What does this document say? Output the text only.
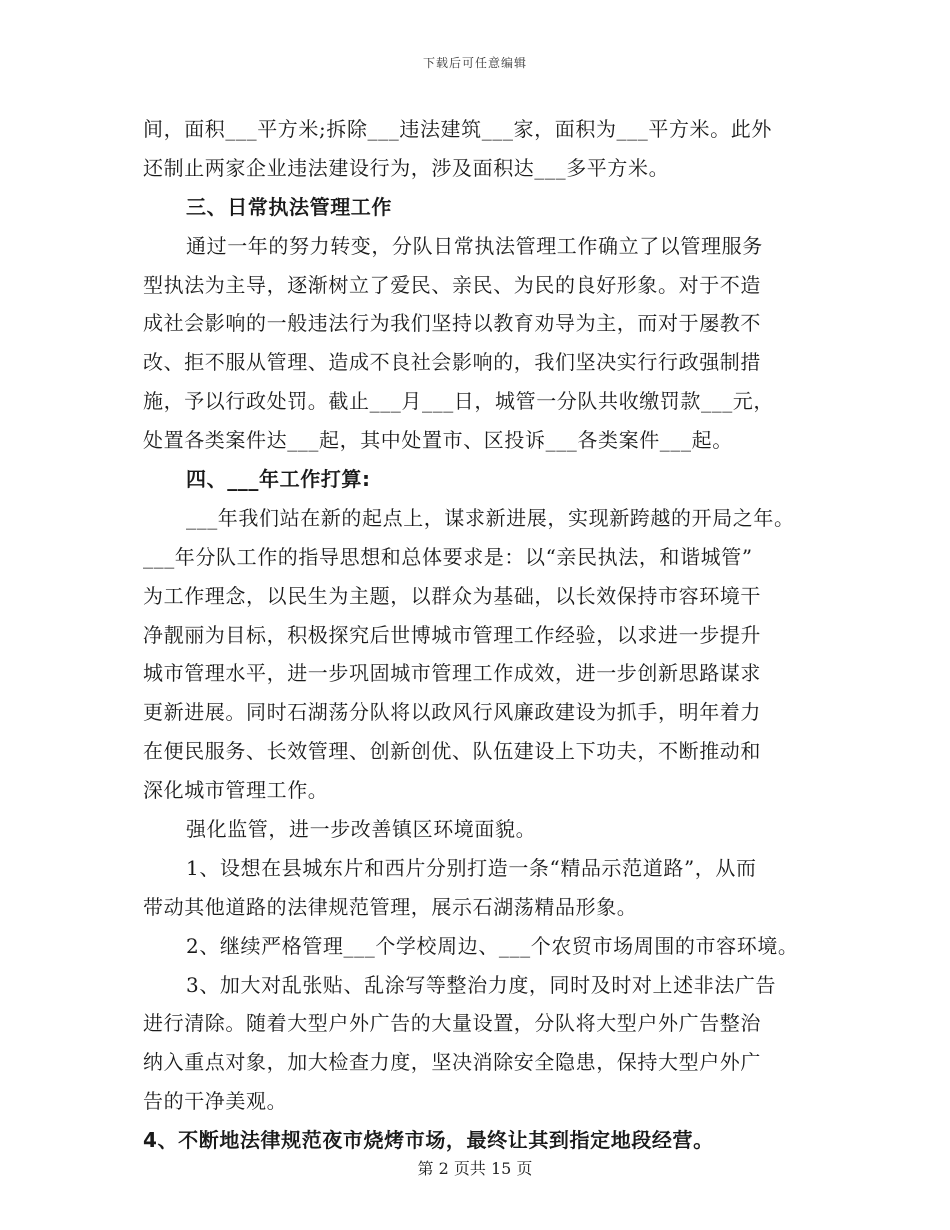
下载后可任意编辑
间，面积___平方米;拆除___违法建筑___家，面积为___平方米。此外
还制止两家企业违法建设行为，涉及面积达___多平方米。
三、日常执法管理工作
通过一年的努力转变，分队日常执法管理工作确立了以管理服务
型执法为主导，逐渐树立了爱民、亲民、为民的良好形象。对于不造
成社会影响的一般违法行为我们坚持以教育劝导为主，而对于屡教不
改、拒不服从管理、造成不良社会影响的，我们坚决实行行政强制措
施，予以行政处罚。截止___月___日，城管一分队共收缴罚款___元，
处置各类案件达___起，其中处置市、区投诉___各类案件___起。
四、___年工作打算:
___年我们站在新的起点上，谋求新进展，实现新跨越的开局之年。
___年分队工作的指导思想和总体要求是：以“亲民执法，和谐城管”
为工作理念，以民生为主题，以群众为基础，以长效保持市容环境干
净靓丽为目标，积极探究后世博城市管理工作经验，以求进一步提升
城市管理水平，进一步巩固城市管理工作成效，进一步创新思路谋求
更新进展。同时石湖荡分队将以政风行风廉政建设为抓手，明年着力
在便民服务、长效管理、创新创优、队伍建设上下功夫，不断推动和
深化城市管理工作。
强化监管，进一步改善镇区环境面貌。
1、设想在县城东片和西片分别打造一条“精品示范道路”，从而
带动其他道路的法律规范管理，展示石湖荡精品形象。
2、继续严格管理___个学校周边、___个农贸市场周围的市容环境。
3、加大对乱张贴、乱涂写等整治力度，同时及时对上述非法广告
进行清除。随着大型户外广告的大量设置，分队将大型户外广告整治
纳入重点对象，加大检查力度，坚决消除安全隐患，保持大型户外广
告的干净美观。
4、不断地法律规范夜市烧烤市场，最终让其到指定地段经营。
第 2 页共 15 页
